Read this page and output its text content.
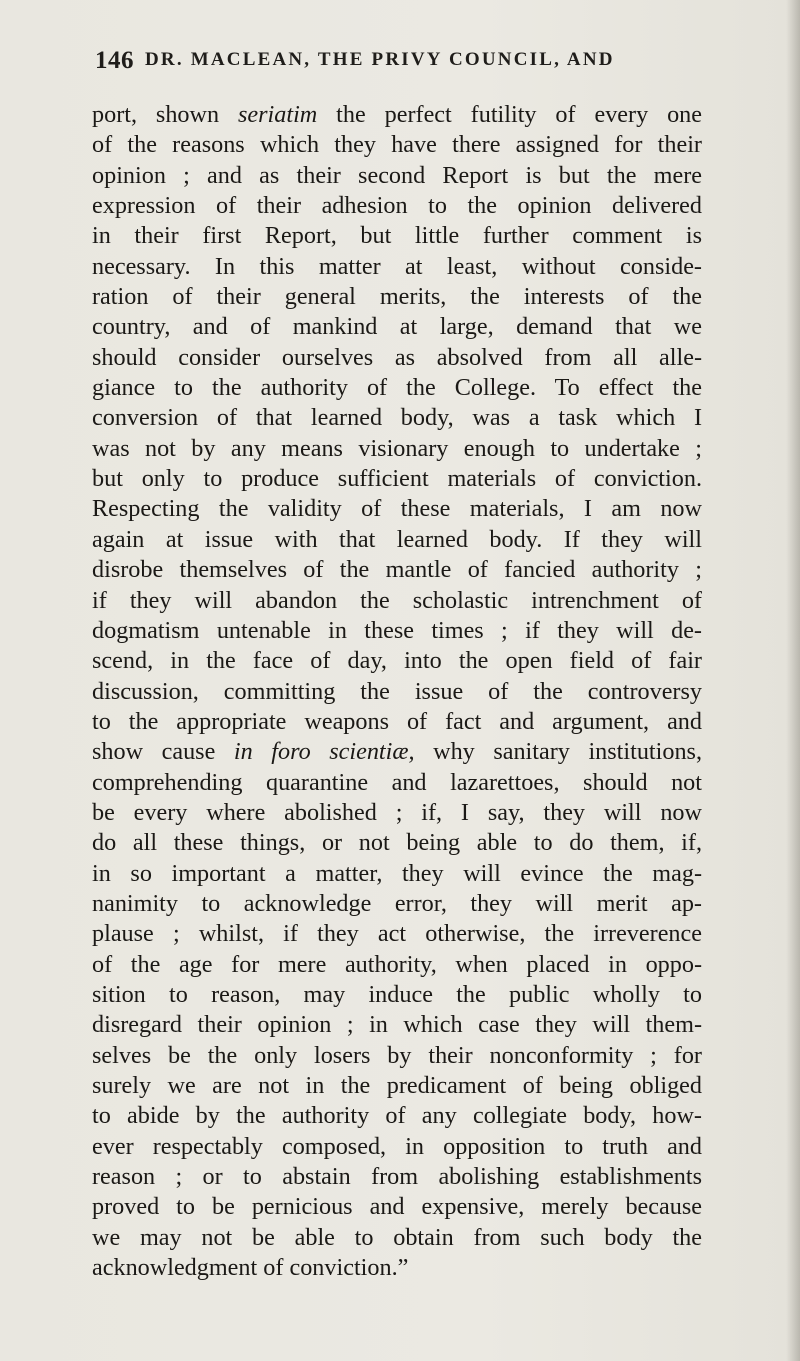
146 DR. MACLEAN, THE PRIVY COUNCIL, AND
port, shown seriatim the perfect futility of every one
of the reasons which they have there assigned for their
opinion ; and as their second Report is but the mere
expression of their adhesion to the opinion delivered
in their first Report, but little further comment is
necessary. In this matter at least, without conside-
ration of their general merits, the interests of the
country, and of mankind at large, demand that we
should consider ourselves as absolved from all alle-
giance to the authority of the College. To effect the
conversion of that learned body, was a task which I
was not by any means visionary enough to undertake ;
but only to produce sufficient materials of conviction.
Respecting the validity of these materials, I am now
again at issue with that learned body. If they will
disrobe themselves of the mantle of fancied authority ;
if they will abandon the scholastic intrenchment of
dogmatism untenable in these times ; if they will de-
scend, in the face of day, into the open field of fair
discussion, committing the issue of the controversy
to the appropriate weapons of fact and argument, and
show cause in foro scientiæ, why sanitary institutions,
comprehending quarantine and lazarettoes, should not
be every where abolished ; if, I say, they will now
do all these things, or not being able to do them, if,
in so important a matter, they will evince the mag-
nanimity to acknowledge error, they will merit ap-
plause ; whilst, if they act otherwise, the irreverence
of the age for mere authority, when placed in oppo-
sition to reason, may induce the public wholly to
disregard their opinion ; in which case they will them-
selves be the only losers by their nonconformity ; for
surely we are not in the predicament of being obliged
to abide by the authority of any collegiate body, how-
ever respectably composed, in opposition to truth and
reason ; or to abstain from abolishing establishments
proved to be pernicious and expensive, merely because
we may not be able to obtain from such body the
acknowledgment of conviction.”
